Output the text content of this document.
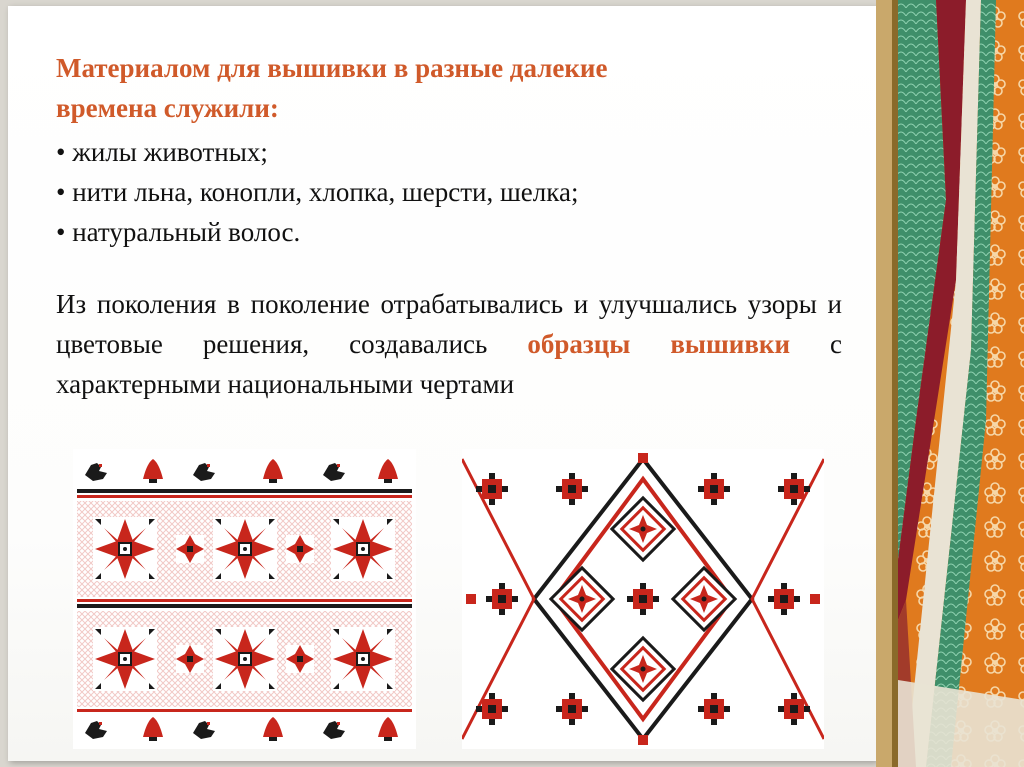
Материалом для вышивки в разные далекие
времена служили:
• жилы животных;
• нити льна, конопли, хлопка, шерсти, шелка;
• натуральный волос.

Из поколения в поколение отрабатывались и улучшались узоры и цветовые решения, создавались образцы вышивки с характерными национальными чертами
